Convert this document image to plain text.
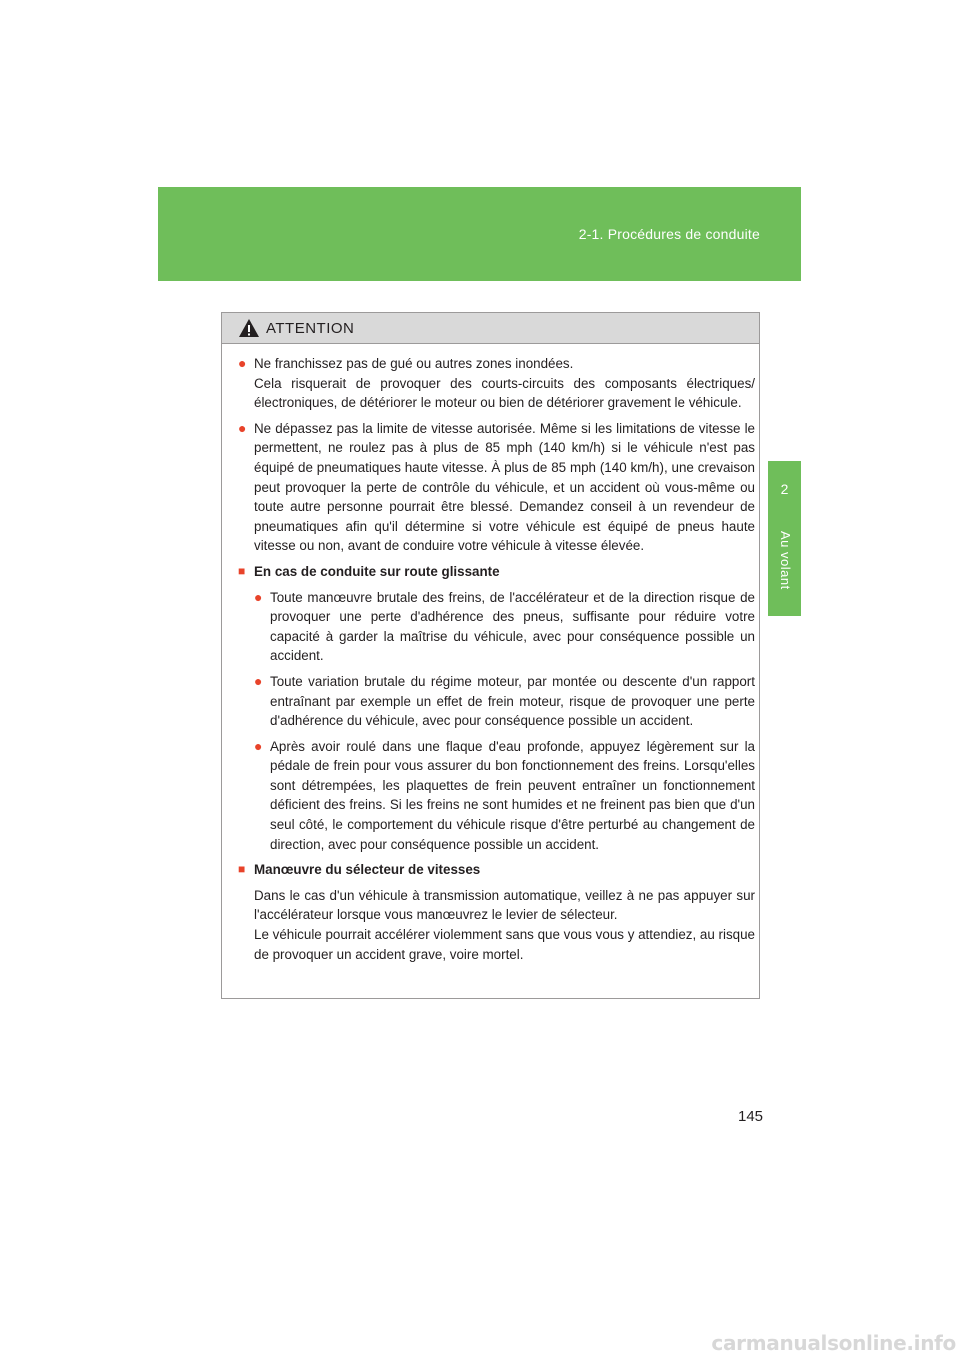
2-1. Procédures de conduite
2
Au volant
ATTENTION
● Ne franchissez pas de gué ou autres zones inondées.

Cela risquerait de provoquer des courts-circuits des composants électriques/électroniques, de détériorer le moteur ou bien de détériorer gravement le véhicule.

● Ne dépassez pas la limite de vitesse autorisée. Même si les limitations de vitesse le permettent, ne roulez pas à plus de 85 mph (140 km/h) si le véhicule n'est pas équipé de pneumatiques haute vitesse. À plus de 85 mph (140 km/h), une crevaison peut provoquer la perte de contrôle du véhicule, et un accident où vous-même ou toute autre personne pourrait être blessé. Demandez conseil à un revendeur de pneumatiques afin qu'il détermine si votre véhicule est équipé de pneus haute vitesse ou non, avant de conduire votre véhicule à vitesse élevée.

■ En cas de conduite sur route glissante
● Toute manœuvre brutale des freins, de l'accélérateur et de la direction risque de provoquer une perte d'adhérence des pneus, suffisante pour réduire votre capacité à garder la maîtrise du véhicule, avec pour conséquence possible un accident.

● Toute variation brutale du régime moteur, par montée ou descente d'un rapport entraînant par exemple un effet de frein moteur, risque de provoquer une perte d'adhérence du véhicule, avec pour conséquence possible un accident.

● Après avoir roulé dans une flaque d'eau profonde, appuyez légèrement sur la pédale de frein pour vous assurer du bon fonctionnement des freins. Lorsqu'elles sont détrempées, les plaquettes de frein peuvent entraîner un fonctionnement déficient des freins. Si les freins ne sont humides et ne freinent pas bien que d'un seul côté, le comportement du véhicule risque d'être perturbé au changement de direction, avec pour conséquence possible un accident.

■ Manœuvre du sélecteur de vitesses

Dans le cas d'un véhicule à transmission automatique, veillez à ne pas appuyer sur l'accélérateur lorsque vous manœuvrez le levier de sélecteur.

Le véhicule pourrait accélérer violemment sans que vous vous y attendiez, au risque de provoquer un accident grave, voire mortel.

145
carmanualsonline.info
